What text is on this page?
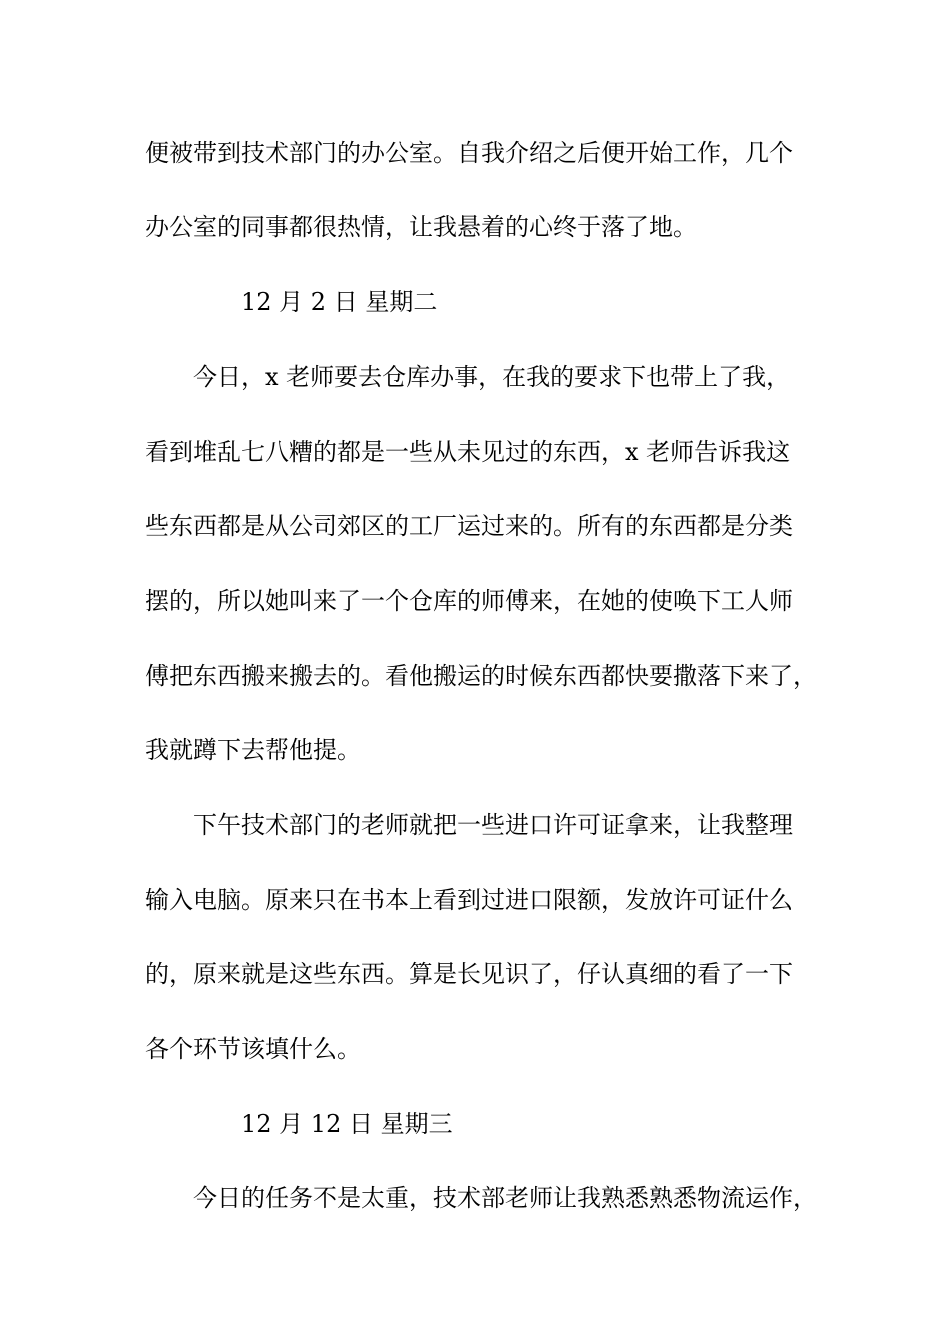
便被带到技术部门的办公室。自我介绍之后便开始工作，几个
办公室的同事都很热情，让我悬着的心终于落了地。
12 月 2 日 星期二
今日，x 老师要去仓库办事，在我的要求下也带上了我，
看到堆乱七八糟的都是一些从未见过的东西，x 老师告诉我这
些东西都是从公司郊区的工厂运过来的。所有的东西都是分类
摆的，所以她叫来了一个仓库的师傅来，在她的使唤下工人师
傅把东西搬来搬去的。看他搬运的时候东西都快要撒落下来了，
我就蹲下去帮他提。
下午技术部门的老师就把一些进口许可证拿来，让我整理
输入电脑。原来只在书本上看到过进口限额，发放许可证什么
的，原来就是这些东西。算是长见识了，仔认真细的看了一下
各个环节该填什么。
12 月 12 日 星期三
今日的任务不是太重，技术部老师让我熟悉熟悉物流运作，
